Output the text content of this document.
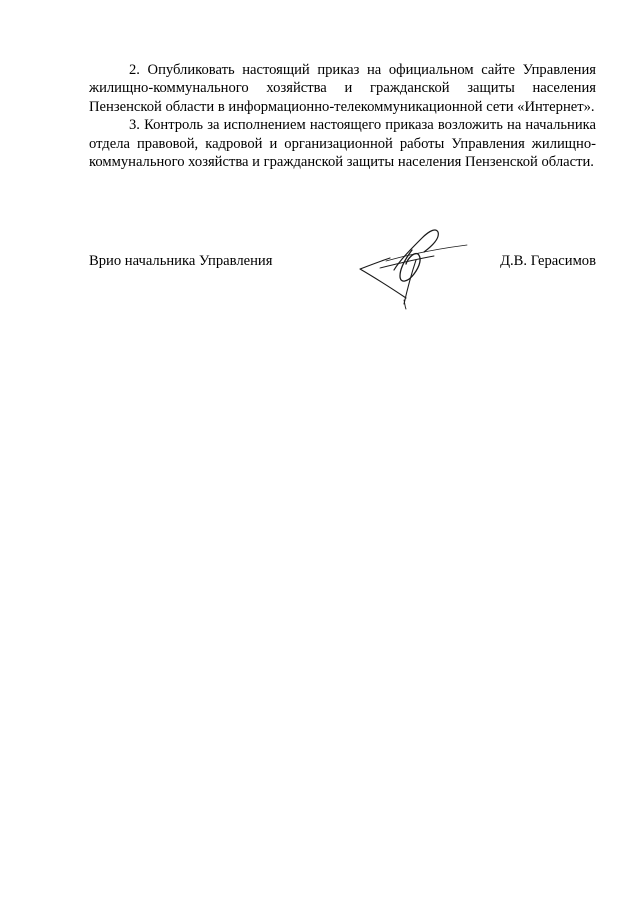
2. Опубликовать настоящий приказ на официальном сайте Управления жилищно-коммунального хозяйства и гражданской защиты населения Пензенской области в информационно-телекоммуникационной сети «Интернет».

3. Контроль за исполнением настоящего приказа возложить на начальника отдела правовой, кадровой и организационной работы Управления жилищно-коммунального хозяйства и гражданской защиты населения Пензенской области.

Врио начальника Управления	Д.В. Герасимов
